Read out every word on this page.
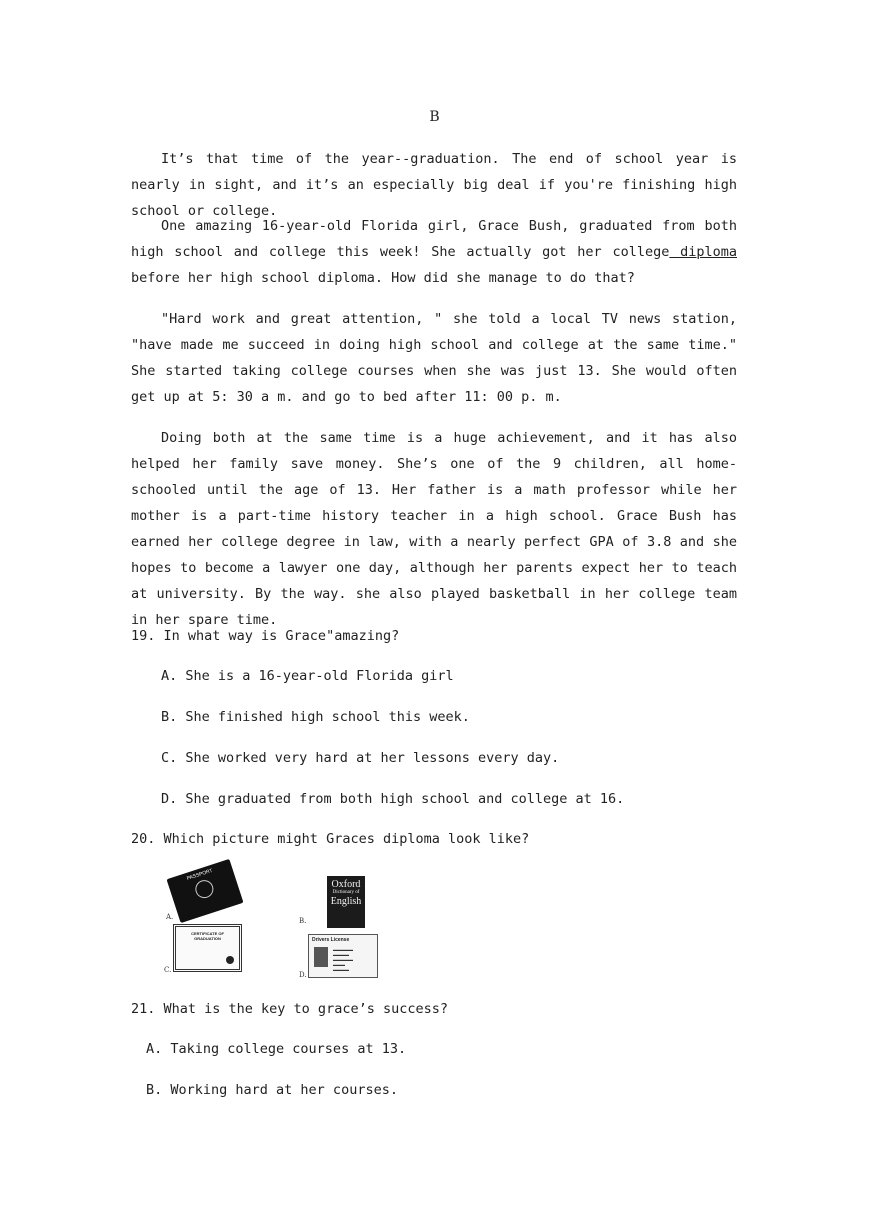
B

It’s that time of the year--graduation. The end of school year is nearly in sight, and it’s an especially big deal if you're finishing high school or college.

One amazing 16-year-old Florida girl, Grace Bush, graduated from both high school and college this week! She actually got her college diploma before her high school diploma. How did she manage to do that?

"Hard work and great attention, " she told a local TV news station, "have made me succeed in doing high school and college at the same time." She started taking college courses when she was just 13. She would often get up at 5: 30 a m. and go to bed after 11: 00 p. m.

Doing both at the same time is a huge achievement, and it has also helped her family save money. She’s one of the 9 children, all home-schooled until the age of 13. Her father is a math professor while her mother is a part-time history teacher in a high school. Grace Bush has earned her college degree in law, with a nearly perfect GPA of 3.8 and she hopes to become a lawyer one day, although her parents expect her to teach at university. By the way. she also played basketball in her college team in her spare time.

19. In what way is Grace"amazing?
A. She is a 16-year-old Florida girl
B. She finished high school this week.
C. She worked very hard at her lessons every day.
D. She graduated from both high school and college at 16.
20. Which picture might Graces diploma look like?
PASSPORT
A.
Oxford
Dictionary of
English
B.
CERTIFICATE OF
GRADUATION
C.
Drivers License
▬▬▬▬▬
▬▬▬▬
▬▬▬▬▬
▬▬▬
▬▬▬▬
D.
21. What is the key to grace’s success?
A. Taking college courses at 13.
B. Working hard at her courses.
